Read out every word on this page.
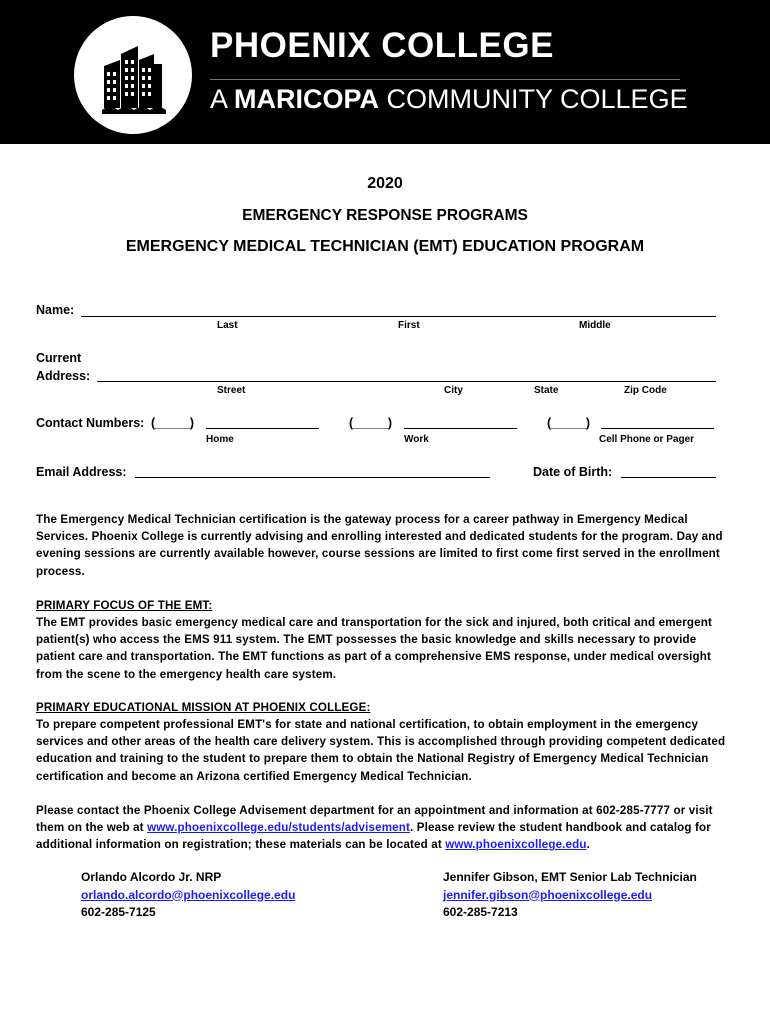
PHOENIX COLLEGE
A MARICOPA COMMUNITY COLLEGE
2020
EMERGENCY RESPONSE PROGRAMS
EMERGENCY MEDICAL TECHNICIAN (EMT) EDUCATION PROGRAM
Name:
Last	First	Middle
Current
Address:
Street	City	State	Zip Code
Contact Numbers: (_____)	(_____)	(_____)
Home	Work	Cell Phone or Pager
Email Address:	Date of Birth:

The Emergency Medical Technician certification is the gateway process for a career pathway in Emergency Medical Services. Phoenix College is currently advising and enrolling interested and dedicated students for the program. Day and evening sessions are currently available however, course sessions are limited to first come first served in the enrollment process.

PRIMARY FOCUS OF THE EMT:

The EMT provides basic emergency medical care and transportation for the sick and injured, both critical and emergent patient(s) who access the EMS 911 system. The EMT possesses the basic knowledge and skills necessary to provide patient care and transportation. The EMT functions as part of a comprehensive EMS response, under medical oversight from the scene to the emergency health care system.

PRIMARY EDUCATIONAL MISSION AT PHOENIX COLLEGE:

To prepare competent professional EMT's for state and national certification, to obtain employment in the emergency services and other areas of the health care delivery system. This is accomplished through providing competent dedicated education and training to the student to prepare them to obtain the National Registry of Emergency Medical Technician certification and become an Arizona certified Emergency Medical Technician.

Please contact the Phoenix College Advisement department for an appointment and information at 602-285-7777 or visit them on the web at www.phoenixcollege.edu/students/advisement. Please review the student handbook and catalog for additional information on registration; these materials can be located at www.phoenixcollege.edu.

Orlando Alcordo Jr. NRP
orlando.alcordo@phoenixcollege.edu
602-285-7125
Jennifer Gibson, EMT Senior Lab Technician
jennifer.gibson@phoenixcollege.edu
602-285-7213
